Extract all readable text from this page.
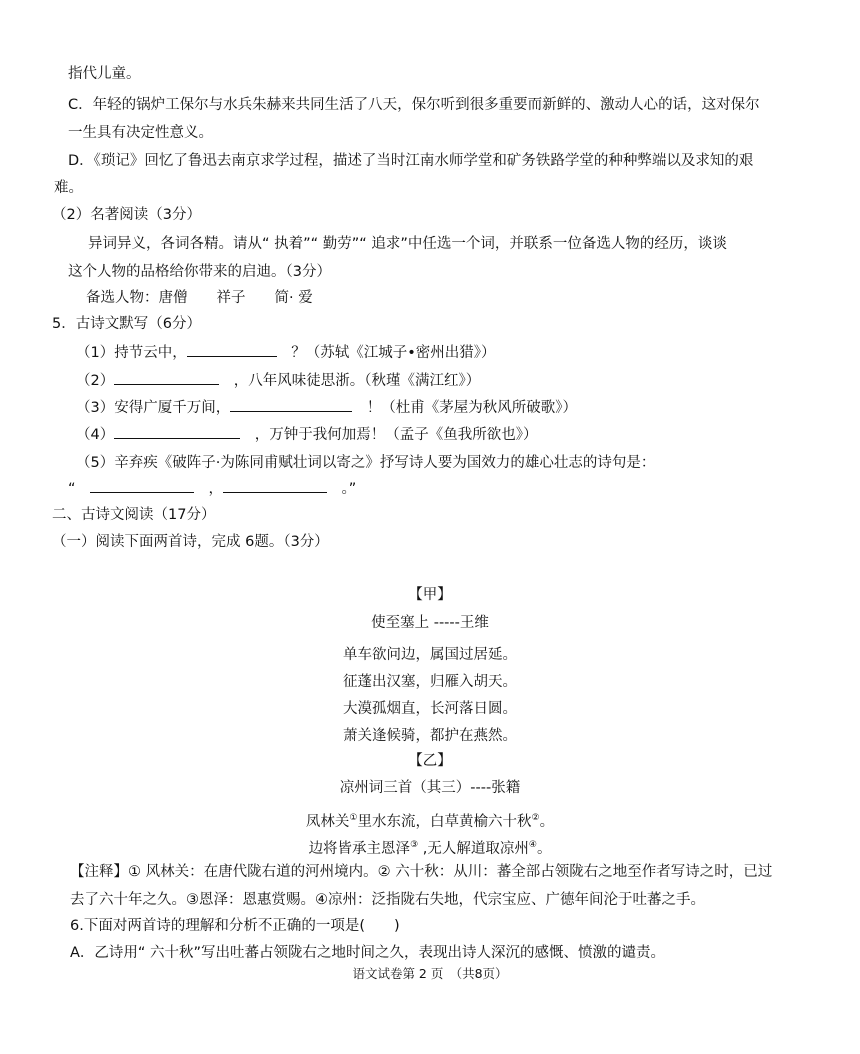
指代儿童。
C．年轻的锅炉工保尔与水兵朱赫来共同生活了八天，保尔听到很多重要而新鲜的、激动人心的话，这对保尔
一生具有决定性意义。
D．《琐记》回忆了鲁迅去南京求学过程，描述了当时江南水师学堂和矿务铁路学堂的种种弊端以及求知的艰
难。
（2）名著阅读（3分）
异词异义，各词各精。请从“ 执着”“ 勤劳”“ 追求”中任选一个词，并联系一位备选人物的经历，谈谈
这个人物的品格给你带来的启迪。（3分）
备选人物：唐僧　　祥子　　简· 爱
5．古诗文默写（6分）
（1）持节云中，　	？（苏轼《江城子•密州出猎》）
（2）　	，八年风味徒思浙。（秋瑾《满江红》）
（3）安得广厦千万间，　	！（杜甫《茅屋为秋风所破歌》）
（4）　	，万钟于我何加焉！（孟子《鱼我所欲也》）
（5）辛弃疾《破阵子·为陈同甫赋壮词以寄之》抒写诗人要为国效力的雄心壮志的诗句是：
“　　	，　	。”
二、古诗文阅读（17分）
（一）阅读下面两首诗，完成 6题。（3分）
【甲】
使至塞上 -----王维
单车欲问边，属国过居延。
征蓬出汉塞，归雁入胡天。
大漠孤烟直，长河落日圆。
萧关逢候骑，都护在燕然。
【乙】
凉州词三首（其三）----张籍
凤林关①里水东流，白草黄榆六十秋②。
边将皆承主恩泽③ ,无人解道取凉州④。
【注释】① 风林关：在唐代陇右道的河州境内。② 六十秋：从川：蕃全部占领陇右之地至作者写诗之时，已过
去了六十年之久。③恩泽：恩惠赏赐。④凉州：泛指陇右失地，代宗宝应、广德年间沦于吐蕃之手。
6.下面对两首诗的理解和分析不正确的一项是(　　)
A．乙诗用“ 六十秋”写出吐蕃占领陇右之地时间之久，表现出诗人深沉的感慨、愤激的谴责。
语文试卷第 2 页　（共8页）
